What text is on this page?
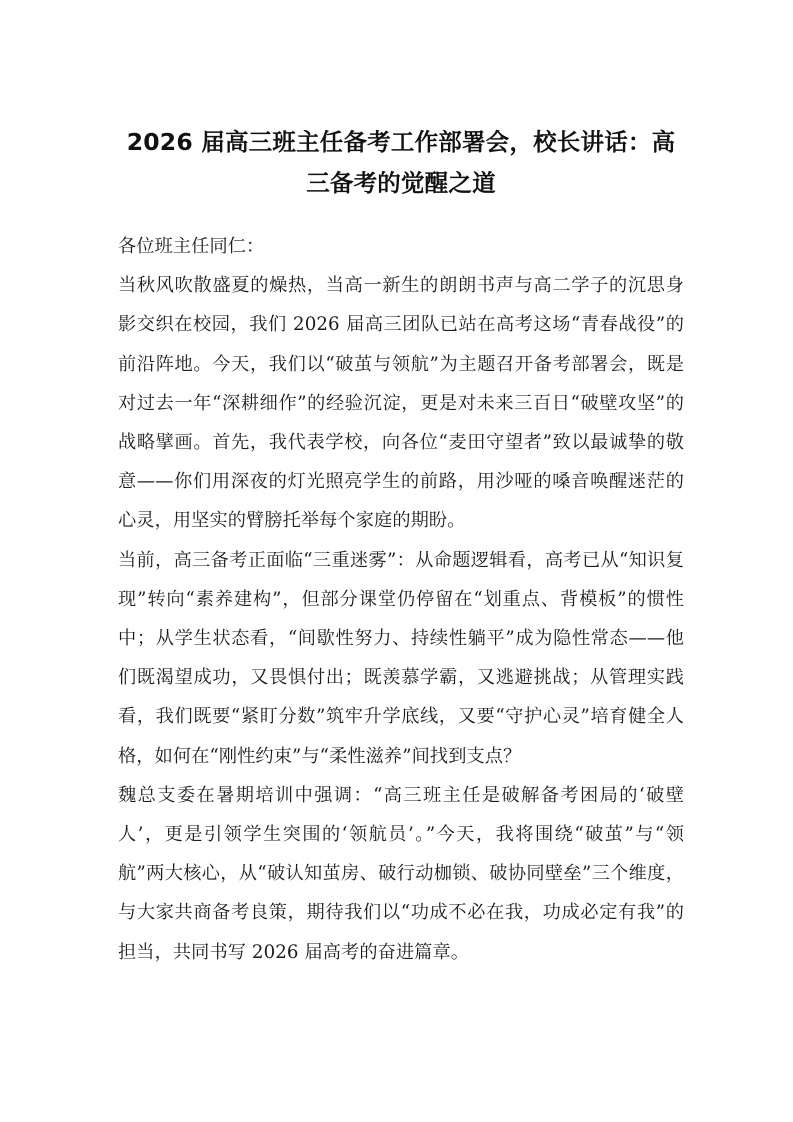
2026 届高三班主任备考工作部署会，校长讲话：高三备考的觉醒之道

各位班主任同仁：

当秋风吹散盛夏的燥热，当高一新生的朗朗书声与高二学子的沉思身影交织在校园，我们 2026 届高三团队已站在高考这场“青春战役”的前沿阵地。今天，我们以“破茧与领航”为主题召开备考部署会，既是对过去一年“深耕细作”的经验沉淀，更是对未来三百日“破壁攻坚”的战略擘画。首先，我代表学校，向各位“麦田守望者”致以最诚挚的敬意——你们用深夜的灯光照亮学生的前路，用沙哑的嗓音唤醒迷茫的心灵，用坚实的臂膀托举每个家庭的期盼。

当前，高三备考正面临“三重迷雾”：从命题逻辑看，高考已从“知识复现”转向“素养建构”，但部分课堂仍停留在“划重点、背模板”的惯性中；从学生状态看，“间歇性努力、持续性躺平”成为隐性常态——他们既渴望成功，又畏惧付出；既羡慕学霸，又逃避挑战；从管理实践看，我们既要“紧盯分数”筑牢升学底线，又要“守护心灵”培育健全人格，如何在“刚性约束”与“柔性滋养”间找到支点？

魏总支委在暑期培训中强调：“高三班主任是破解备考困局的‘破壁人’，更是引领学生突围的‘领航员’。”今天，我将围绕“破茧”与“领航”两大核心，从“破认知茧房、破行动枷锁、破协同壁垒”三个维度，与大家共商备考良策，期待我们以“功成不必在我，功成必定有我”的担当，共同书写 2026 届高考的奋进篇章。
